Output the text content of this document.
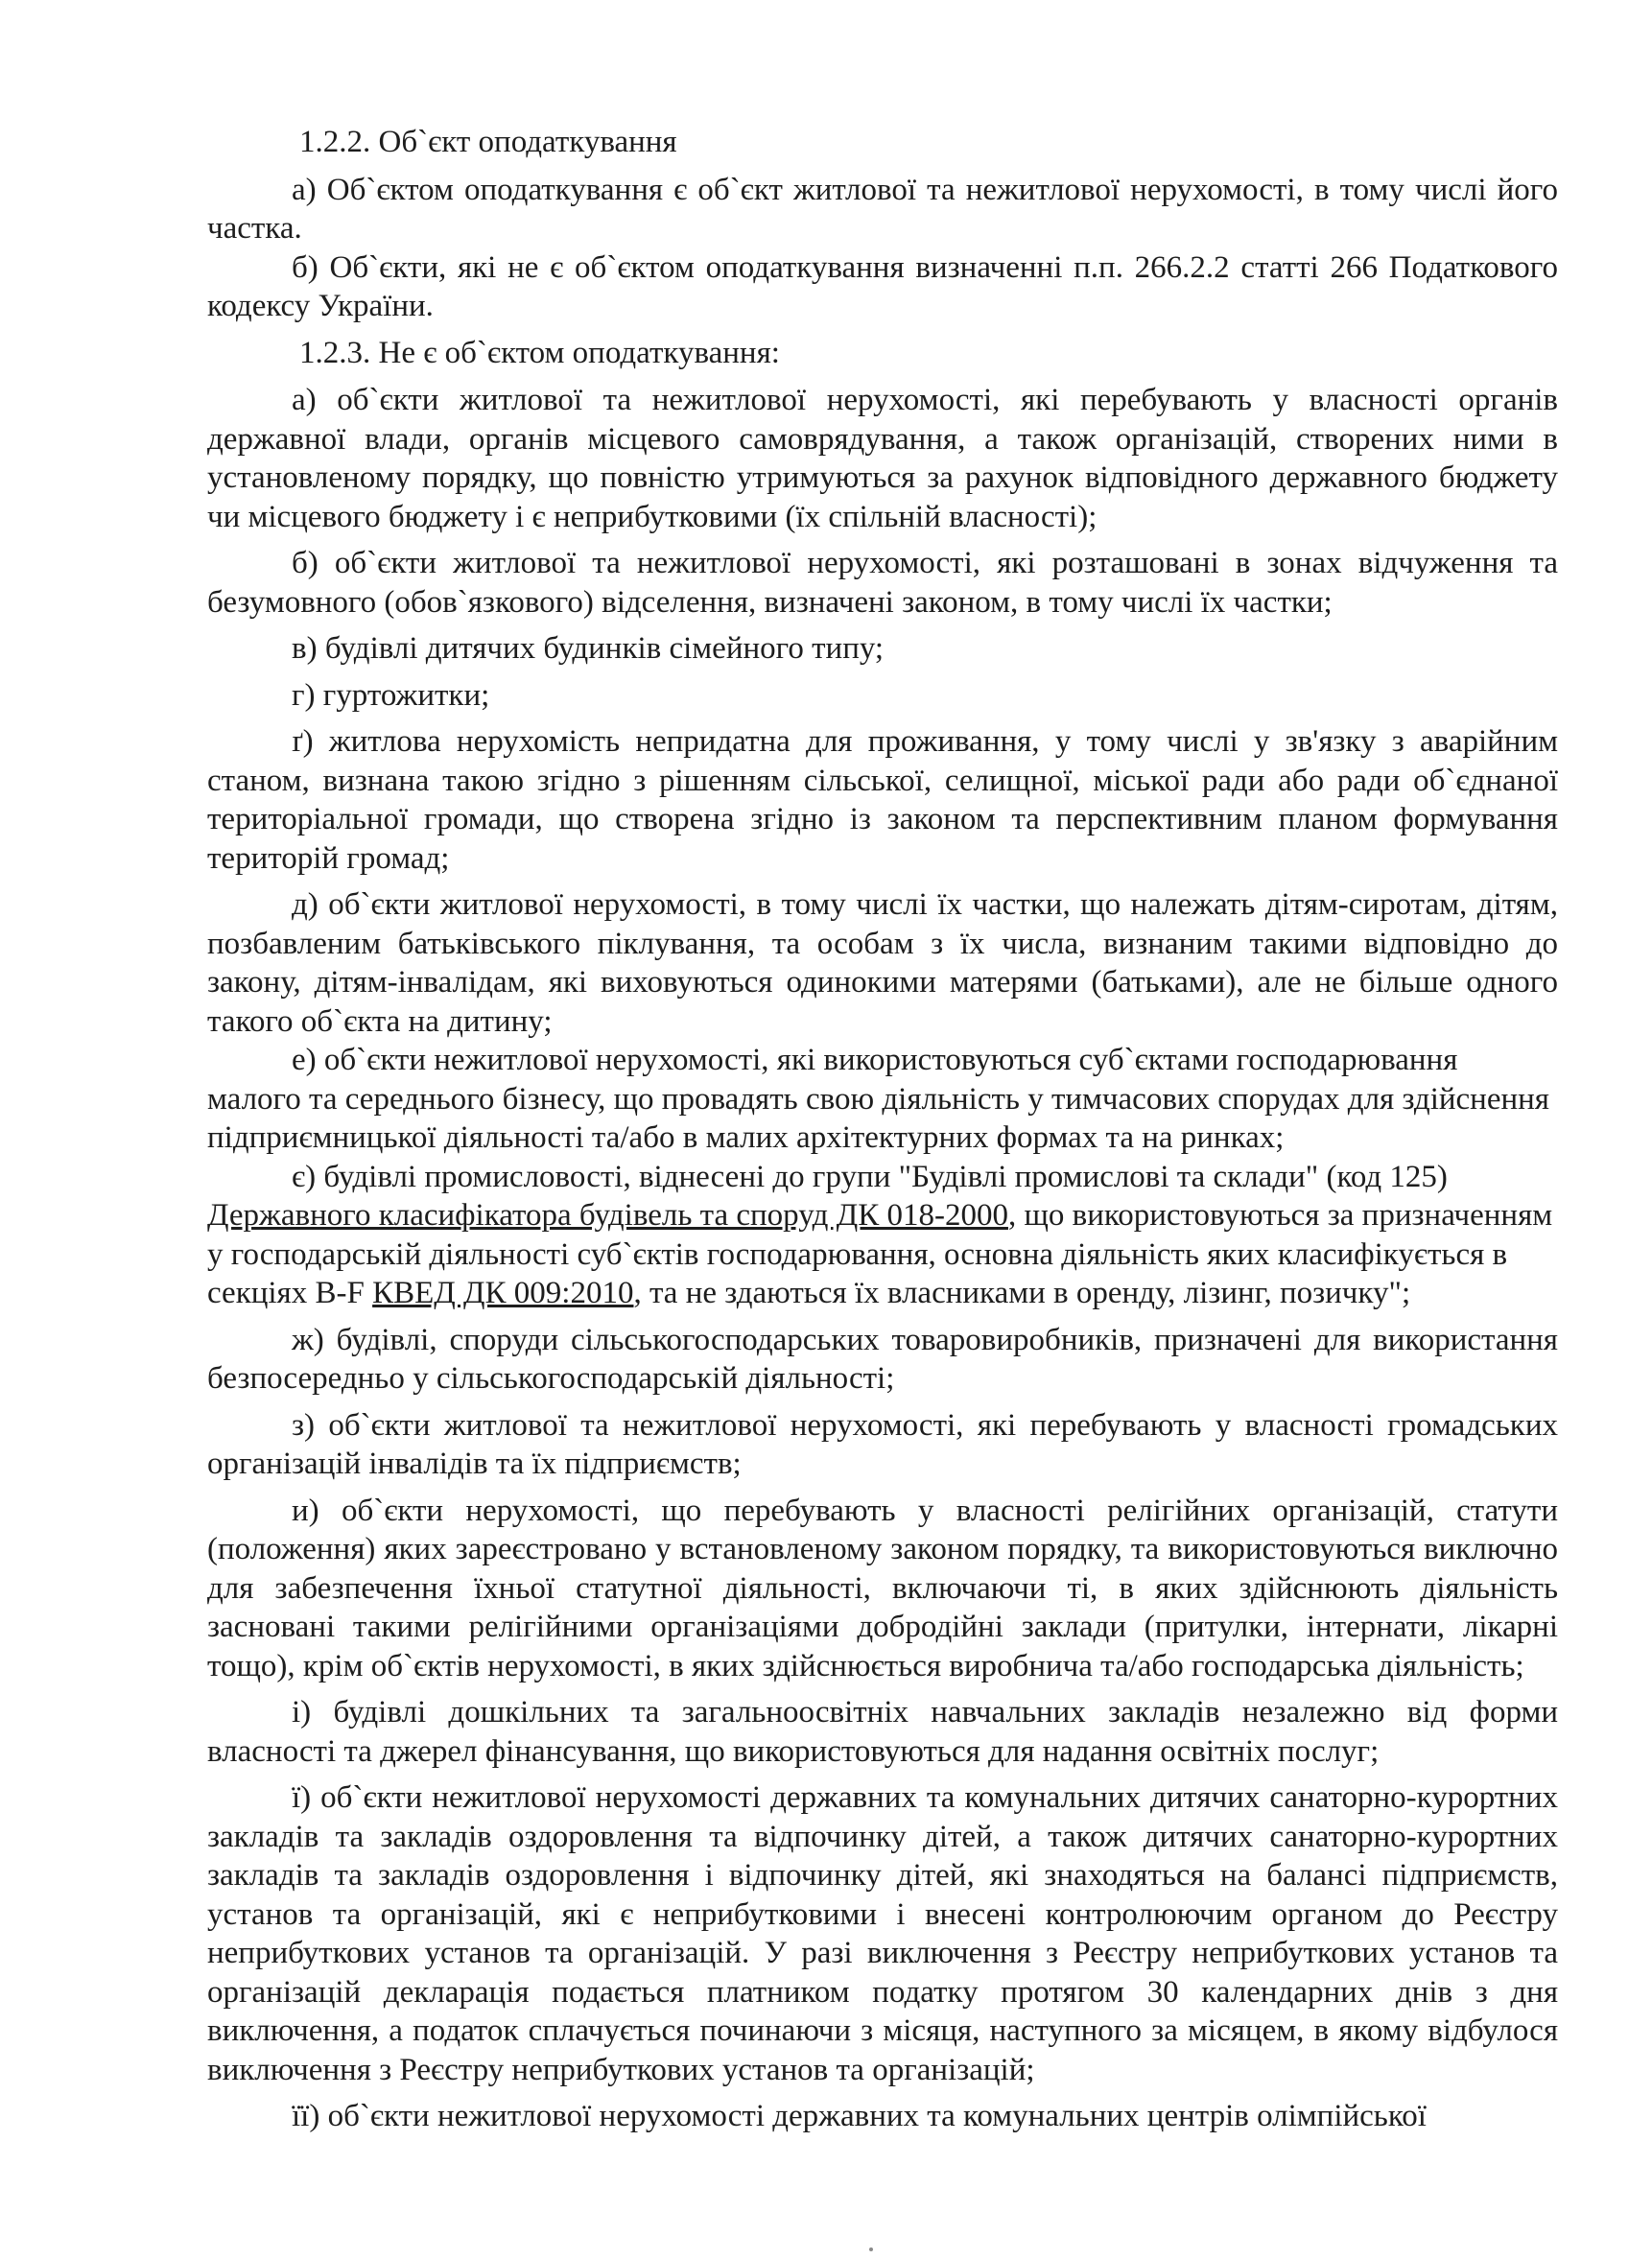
1.2.2. Об`єкт оподаткування

а) Об`єктом оподаткування є об`єкт житлової та нежитлової нерухомості, в тому числі його частка.

б) Об`єкти, які не є об`єктом оподаткування визначенні п.п. 266.2.2 статті 266 Податкового кодексу України.

1.2.3. Не є об`єктом оподаткування:

а) об`єкти житлової та нежитлової нерухомості, які перебувають у власності органів державної влади, органів місцевого самоврядування, а також організацій, створених ними в установленому порядку, що повністю утримуються за рахунок відповідного державного бюджету чи місцевого бюджету і є неприбутковими (їх спільній власності);

б) об`єкти житлової та нежитлової нерухомості, які розташовані в зонах відчуження та безумовного (обов`язкового) відселення, визначені законом, в тому числі їх частки;

в) будівлі дитячих будинків сімейного типу;

г) гуртожитки;

ґ) житлова нерухомість непридатна для проживання, у тому числі у зв'язку з аварійним станом, визнана такою згідно з рішенням сільської, селищної, міської ради або ради об`єднаної територіальної громади, що створена згідно із законом та перспективним планом формування територій громад;

д) об`єкти житлової нерухомості, в тому числі їх частки, що належать дітям-сиротам, дітям, позбавленим батьківського піклування, та особам з їх числа, визнаним такими відповідно до закону, дітям-інвалідам, які виховуються одинокими матерями (батьками), але не більше одного такого об`єкта на дитину;

е) об`єкти нежитлової нерухомості, які використовуються суб`єктами господарювання малого та середнього бізнесу, що провадять свою діяльність у тимчасових спорудах для здійснення підприємницької діяльності та/або в малих архітектурних формах та на ринках;

є) будівлі промисловості, віднесені до групи "Будівлі промислові та склади" (код 125) Державного класифікатора будівель та споруд ДК 018-2000, що використовуються за призначенням у господарській діяльності суб`єктів господарювання, основна діяльність яких класифікується в секціях B-F КВЕД ДК 009:2010, та не здаються їх власниками в оренду, лізинг, позичку";

ж) будівлі, споруди сільськогосподарських товаровиробників, призначені для використання безпосередньо у сільськогосподарській діяльності;

з) об`єкти житлової та нежитлової нерухомості, які перебувають у власності громадських організацій інвалідів та їх підприємств;

и) об`єкти нерухомості, що перебувають у власності релігійних організацій, статути (положення) яких зареєстровано у встановленому законом порядку, та використовуються виключно для забезпечення їхньої статутної діяльності, включаючи ті, в яких здійснюють діяльність засновані такими релігійними організаціями добродійні заклади (притулки, інтернати, лікарні тощо), крім об`єктів нерухомості, в яких здійснюється виробнича та/або господарська діяльність;

і) будівлі дошкільних та загальноосвітніх навчальних закладів незалежно від форми власності та джерел фінансування, що використовуються для надання освітніх послуг;

ї) об`єкти нежитлової нерухомості державних та комунальних дитячих санаторно-курортних закладів та закладів оздоровлення та відпочинку дітей, а також дитячих санаторно-курортних закладів та закладів оздоровлення і відпочинку дітей, які знаходяться на балансі підприємств, установ та організацій, які є неприбутковими і внесені контролюючим органом до Реєстру неприбуткових установ та організацій. У разі виключення з Реєстру неприбуткових установ та організацій декларація подається платником податку протягом 30 календарних днів з дня виключення, а податок сплачується починаючи з місяця, наступного за місяцем, в якому відбулося виключення з Реєстру неприбуткових установ та організацій;

її) об`єкти нежитлової нерухомості державних та комунальних центрів олімпійської
